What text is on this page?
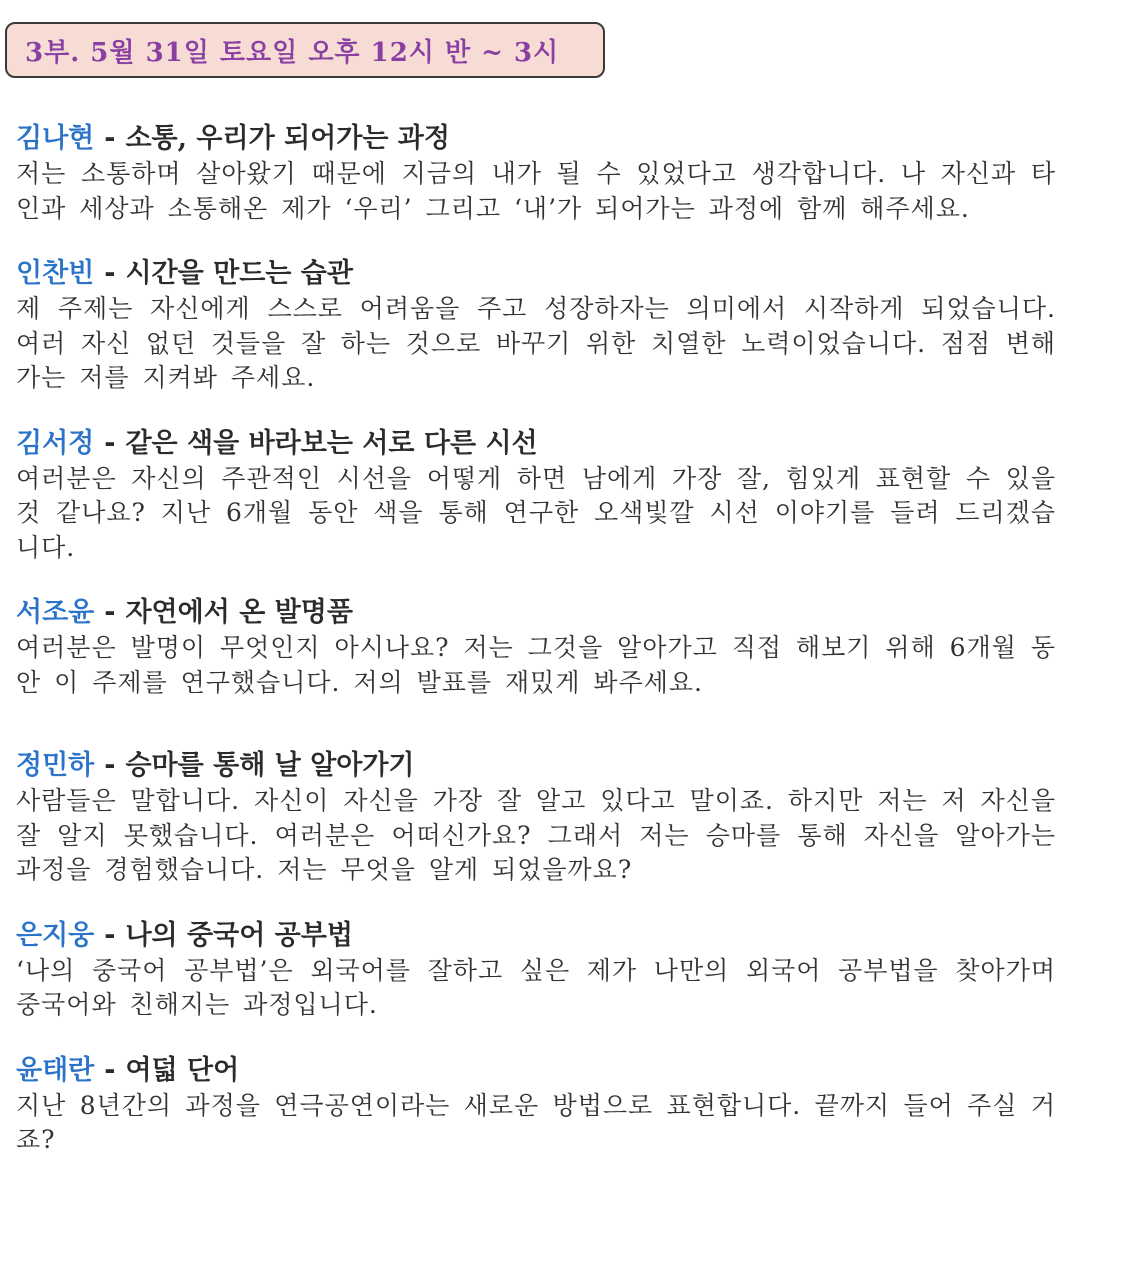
3부. 5월 31일 토요일 오후 12시 반 ~ 3시
김나현 - 소통, 우리가 되어가는 과정
저는 소통하며 살아왔기 때문에 지금의 내가 될 수 있었다고 생각합니다. 나 자신과 타인과 세상과 소통해온 제가 ‘우리’ 그리고 ‘내’가 되어가는 과정에 함께 해주세요.
인찬빈 - 시간을 만드는 습관
제 주제는 자신에게 스스로 어려움을 주고 성장하자는 의미에서 시작하게 되었습니다. 여러 자신 없던 것들을 잘 하는 것으로 바꾸기 위한 치열한 노력이었습니다. 점점 변해가는 저를 지켜봐 주세요.
김서정 - 같은 색을 바라보는 서로 다른 시선
여러분은 자신의 주관적인 시선을 어떻게 하면 남에게 가장 잘, 힘있게 표현할 수 있을 것 같나요? 지난 6개월 동안 색을 통해 연구한 오색빛깔 시선 이야기를 들려 드리겠습니다.
서조윤 - 자연에서 온 발명품
여러분은 발명이 무엇인지 아시나요? 저는 그것을 알아가고 직접 해보기 위해 6개월 동안 이 주제를 연구했습니다. 저의 발표를 재밌게 봐주세요.
정민하 - 승마를 통해 날 알아가기
사람들은 말합니다. 자신이 자신을 가장 잘 알고 있다고 말이죠. 하지만 저는 저 자신을 잘 알지 못했습니다. 여러분은 어떠신가요? 그래서 저는 승마를 통해 자신을 알아가는 과정을 경험했습니다. 저는 무엇을 알게 되었을까요?
은지웅 - 나의 중국어 공부법
‘나의 중국어 공부법’은 외국어를 잘하고 싶은 제가 나만의 외국어 공부법을 찾아가며 중국어와 친해지는 과정입니다.
윤태란 - 여덟 단어
지난 8년간의 과정을 연극공연이라는 새로운 방법으로 표현합니다. 끝까지 들어 주실 거죠?
